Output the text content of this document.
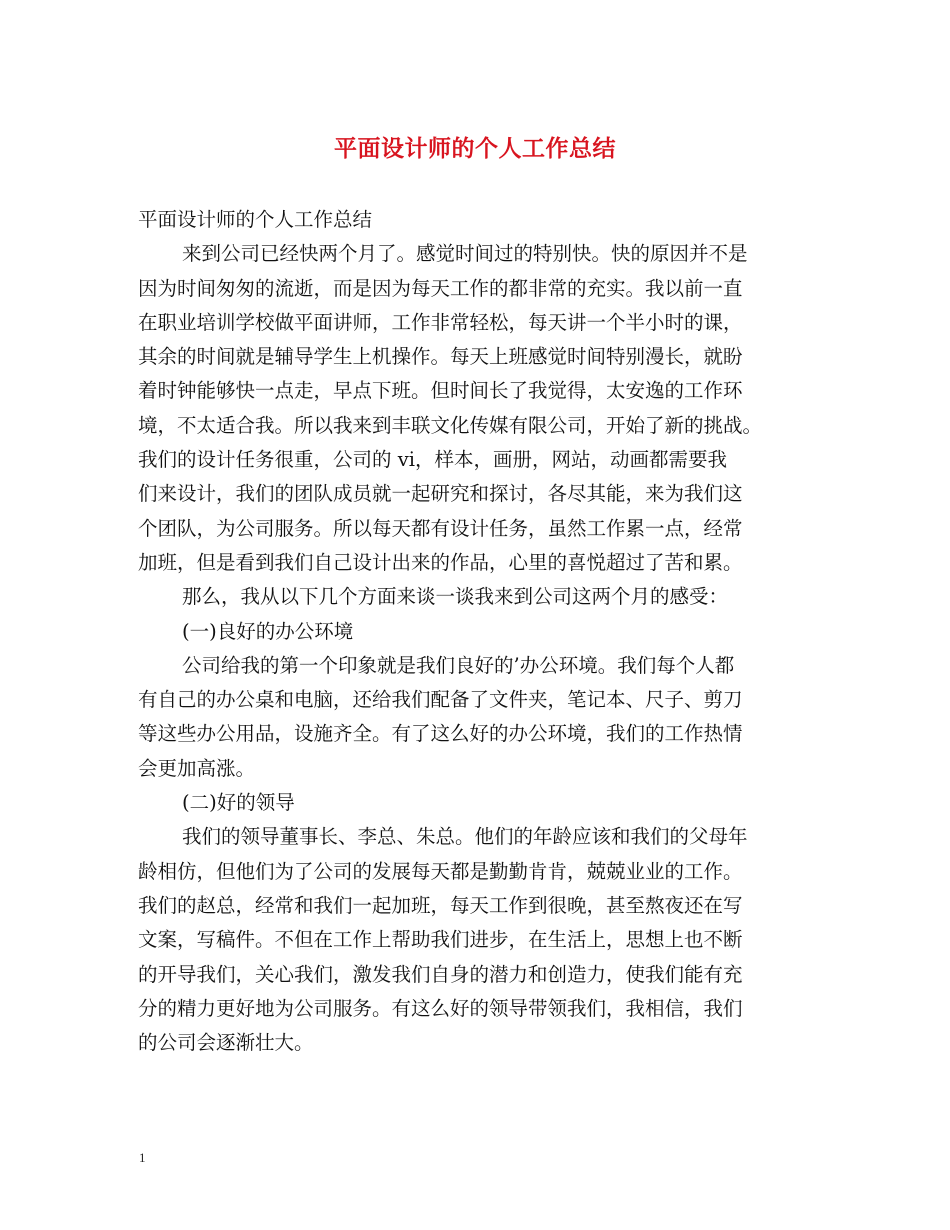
平面设计师的个人工作总结
平面设计师的个人工作总结
来到公司已经快两个月了。感觉时间过的特别快。快的原因并不是
因为时间匆匆的流逝，而是因为每天工作的都非常的充实。我以前一直
在职业培训学校做平面讲师，工作非常轻松，每天讲一个半小时的课，
其余的时间就是辅导学生上机操作。每天上班感觉时间特别漫长，就盼
着时钟能够快一点走，早点下班。但时间长了我觉得，太安逸的工作环
境，不太适合我。所以我来到丰联文化传媒有限公司，开始了新的挑战。
我们的设计任务很重，公司的 vi，样本，画册，网站，动画都需要我
们来设计，我们的团队成员就一起研究和探讨，各尽其能，来为我们这
个团队，为公司服务。所以每天都有设计任务，虽然工作累一点，经常
加班，但是看到我们自己设计出来的作品，心里的喜悦超过了苦和累。
那么，我从以下几个方面来谈一谈我来到公司这两个月的感受：
(一)良好的办公环境
公司给我的第一个印象就是我们良好的’办公环境。我们每个人都
有自己的办公桌和电脑，还给我们配备了文件夹，笔记本、尺子、剪刀
等这些办公用品，设施齐全。有了这么好的办公环境，我们的工作热情
会更加高涨。
(二)好的领导
我们的领导董事长、李总、朱总。他们的年龄应该和我们的父母年
龄相仿，但他们为了公司的发展每天都是勤勤肯肯，兢兢业业的工作。
我们的赵总，经常和我们一起加班，每天工作到很晚，甚至熬夜还在写
文案，写稿件。不但在工作上帮助我们进步，在生活上，思想上也不断
的开导我们，关心我们，激发我们自身的潜力和创造力，使我们能有充
分的精力更好地为公司服务。有这么好的领导带领我们，我相信，我们
的公司会逐渐壮大。
1
